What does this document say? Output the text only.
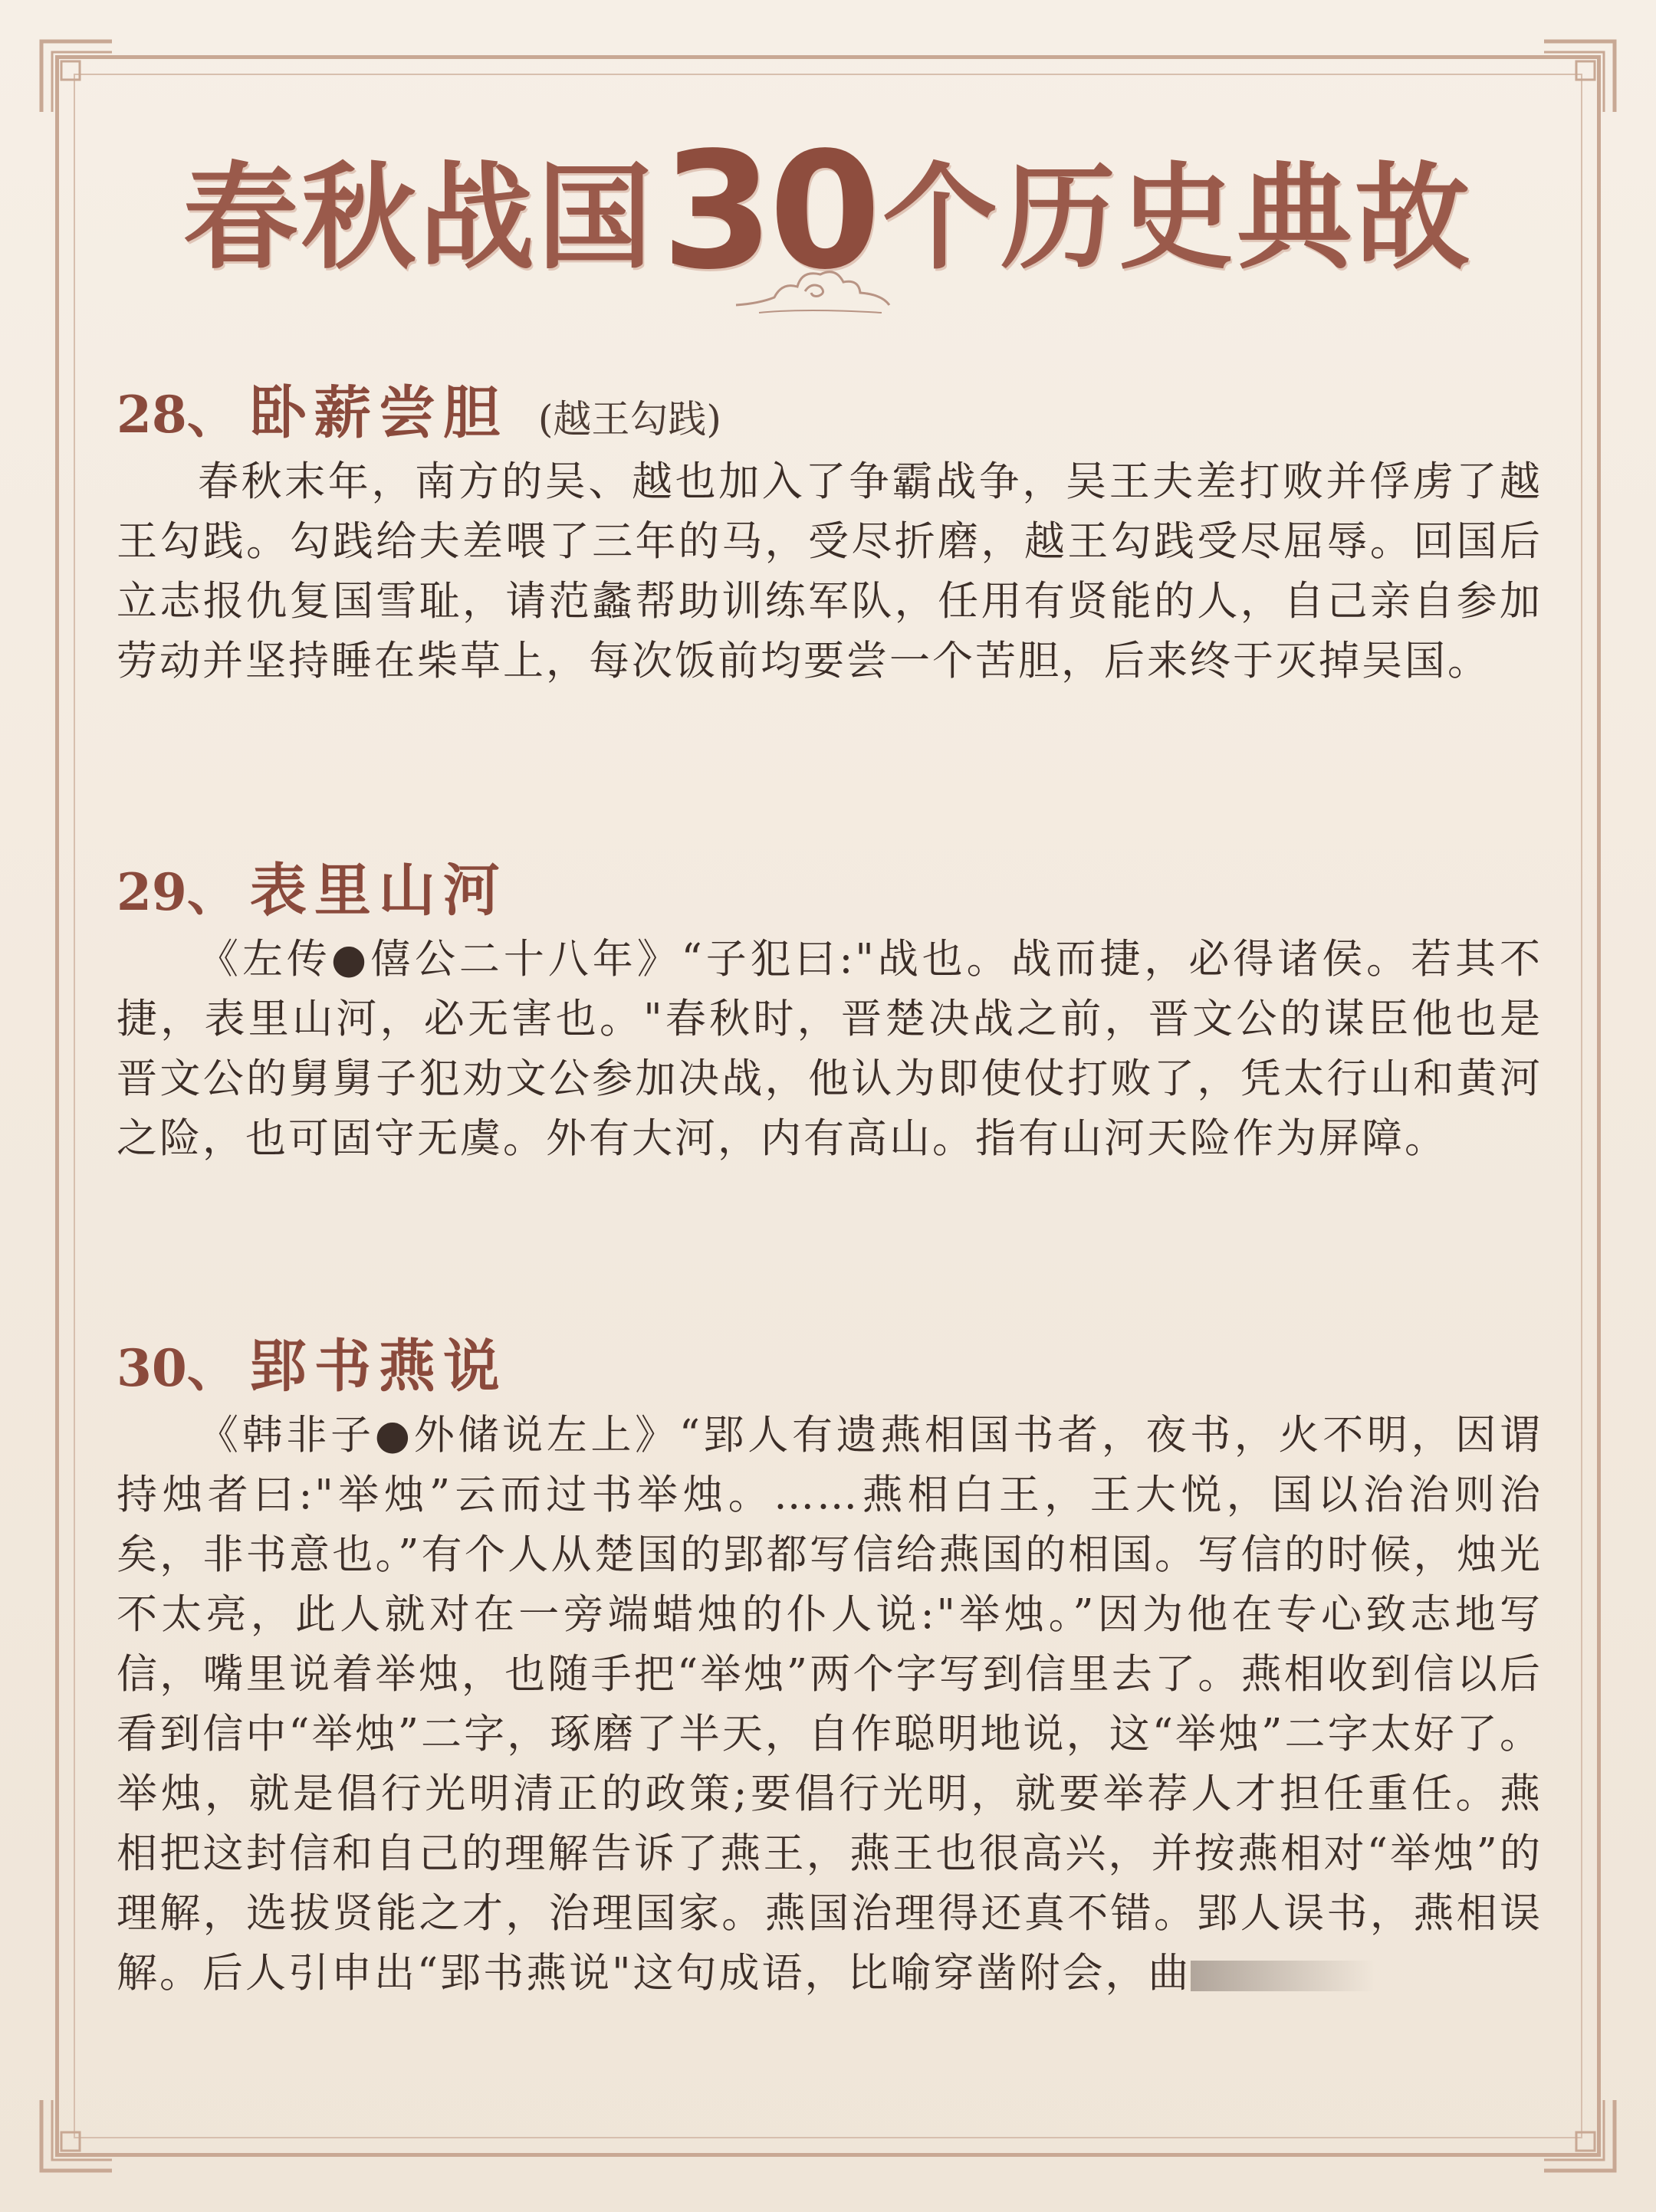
春秋战国30个历史典故
28、 卧薪尝胆 (越王勾践)

春秋末年，南方的吴、越也加入了争霸战争，吴王夫差打败并俘虏了越王勾践。勾践给夫差喂了三年的马，受尽折磨，越王勾践受尽屈辱。回国后立志报仇复国雪耻，请范蠡帮助训练军队，任用有贤能的人，自己亲自参加劳动并坚持睡在柴草上，每次饭前均要尝一个苦胆，后来终于灭掉吴国。

29、 表里山河

《左传●僖公二十八年》“子犯曰:"战也。战而捷，必得诸侯。若其不捷，表里山河，必无害也。"春秋时，晋楚决战之前，晋文公的谋臣他也是晋文公的舅舅子犯劝文公参加决战，他认为即使仗打败了，凭太行山和黄河之险，也可固守无虞。外有大河，内有高山。指有山河天险作为屏障。

30、 郢书燕说

《韩非子●外储说左上》“郢人有遗燕相国书者，夜书，火不明，因谓持烛者曰:"举烛”云而过书举烛。……燕相白王，王大悦，国以治治则治矣，非书意也。”有个人从楚国的郢都写信给燕国的相国。写信的时候，烛光不太亮，此人就对在一旁端蜡烛的仆人说:"举烛。”因为他在专心致志地写信，嘴里说着举烛，也随手把“举烛”两个字写到信里去了。燕相收到信以后看到信中“举烛”二字，琢磨了半天，自作聪明地说，这“举烛”二字太好了。举烛，就是倡行光明清正的政策;要倡行光明，就要举荐人才担任重任。燕相把这封信和自己的理解告诉了燕王，燕王也很高兴，并按燕相对“举烛”的理解，选拔贤能之才，治理国家。燕国治理得还真不错。郢人误书，燕相误解。后人引申出“郢书燕说"这句成语，比喻穿凿附会，曲
